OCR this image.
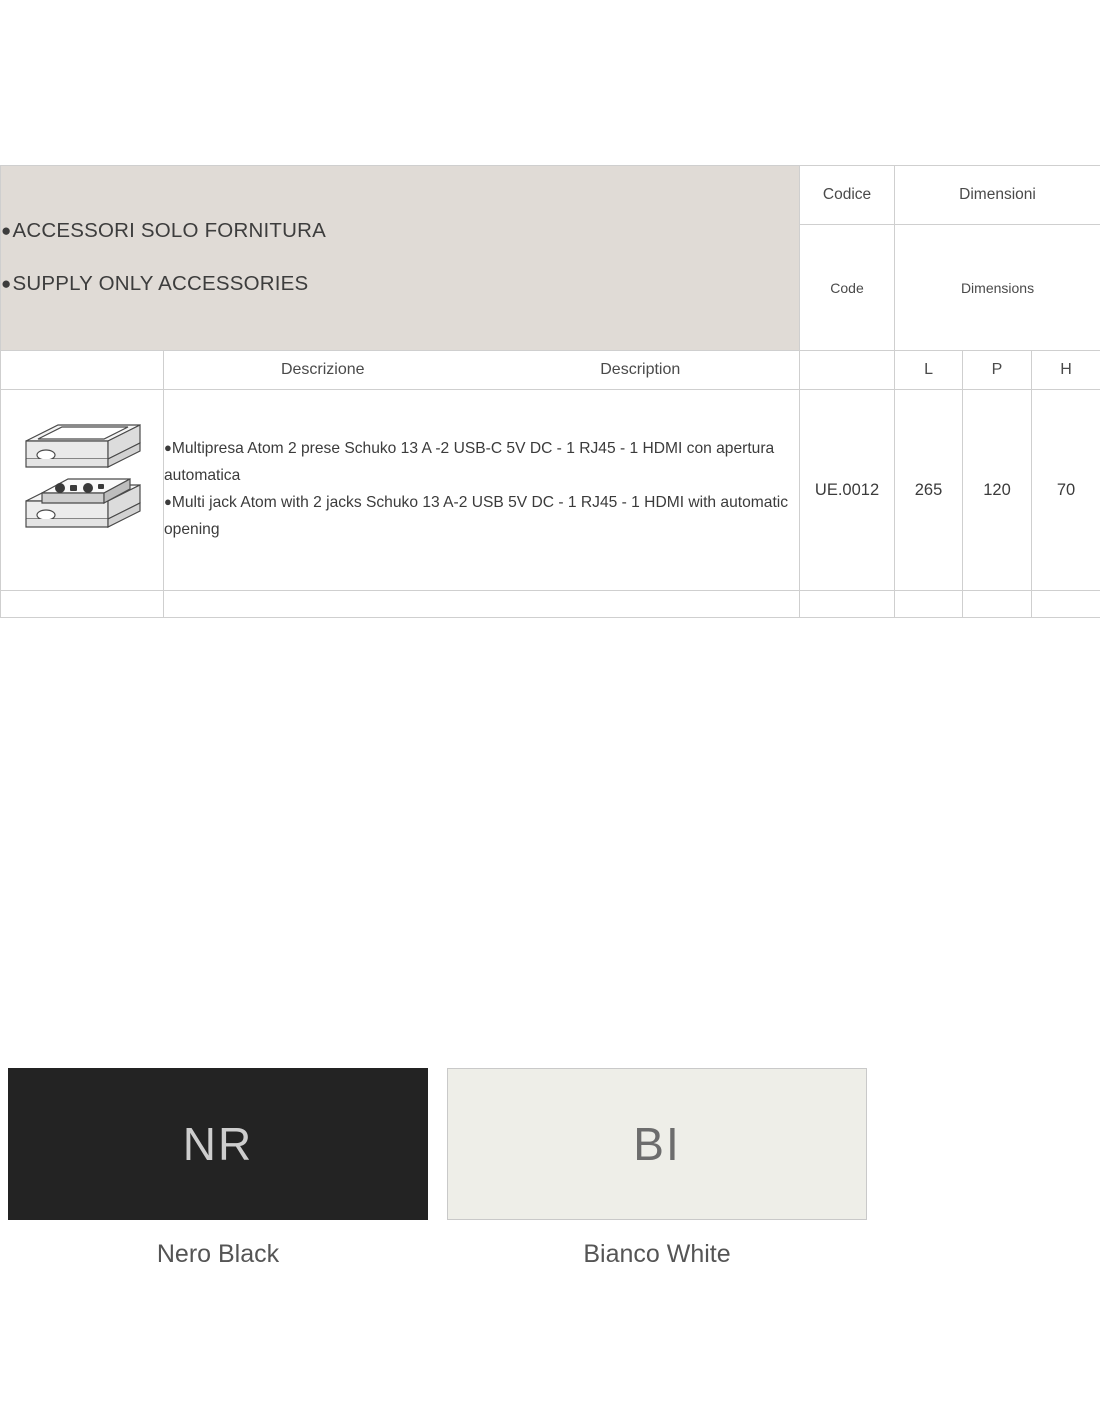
●ACCESSORI SOLO FORNITURA
●SUPPLY ONLY ACCESSORIES		Codice	Dimensioni		
		Code	Dimensions		

	Descrizione Description		L	P	H

●Multipresa Atom 2 prese Schuko 13 A -2 USB-C 5V DC - 1 RJ45 - 1 HDMI con apertura automatica
●Multi jack Atom with 2 jacks Schuko 13 A-2 USB 5V DC - 1 RJ45 - 1 HDMI with automatic opening	UE.0012	265	120	70

NR
Nero Black
BI
Bianco White
